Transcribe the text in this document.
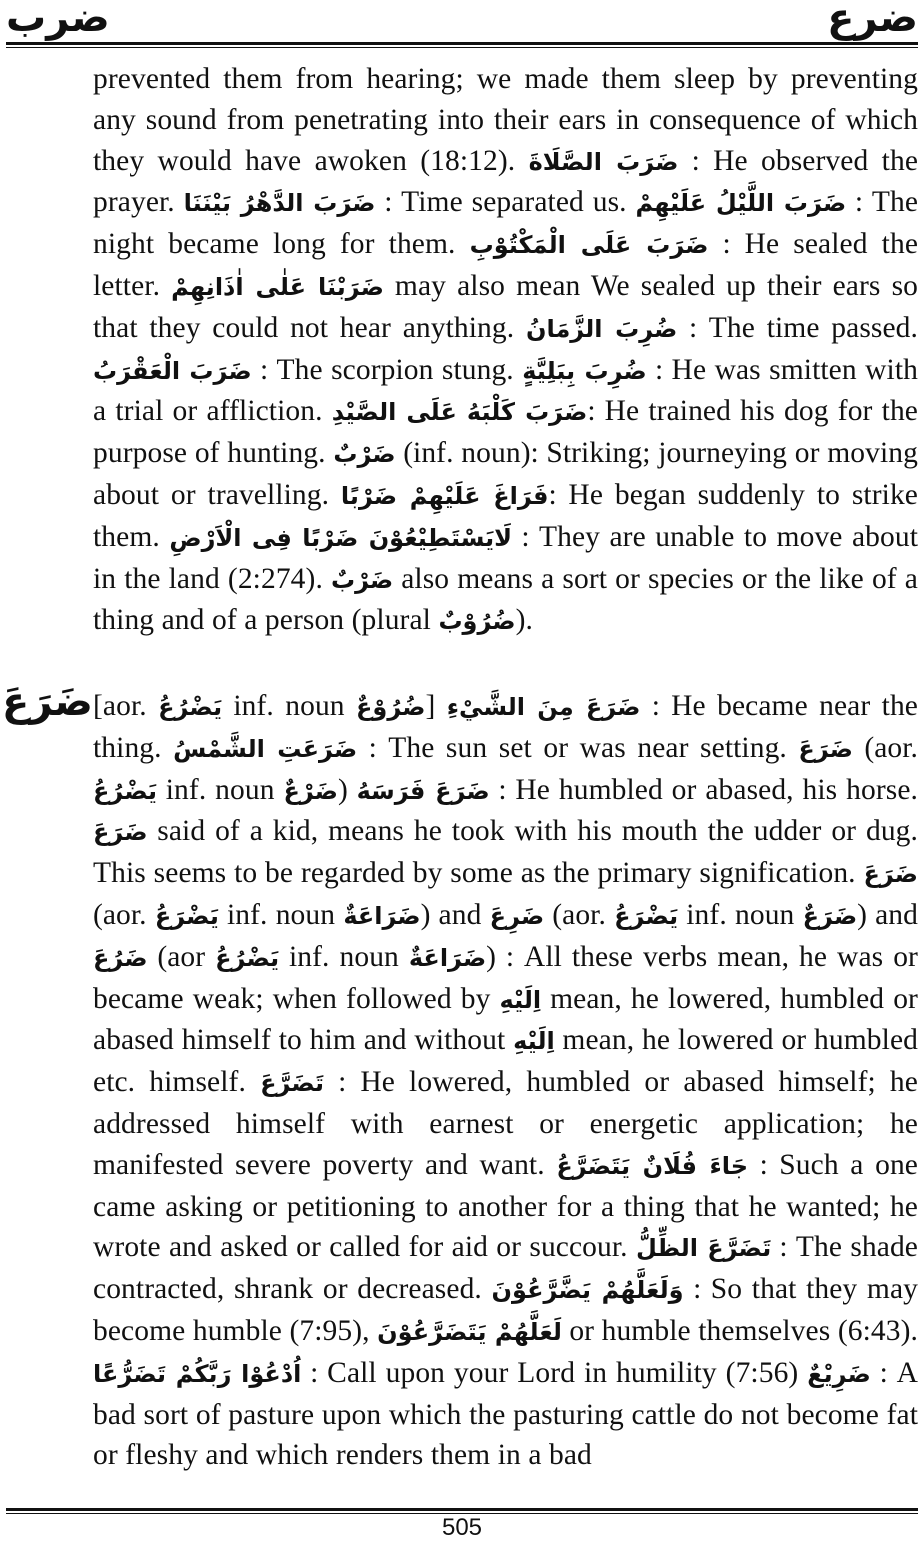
ضرب	ضرع

prevented them from hearing; we made them sleep by preventing any sound from penetrating into their ears in consequence of which they would have awoken (18:12). ضَرَبَ الصَّلَاةَ : He observed the prayer. ضَرَبَ الدَّهْرُ بَيْنَنَا : Time separated us. ضَرَبَ اللَّيْلُ عَلَيْهِمْ : The night became long for them. ضَرَبَ عَلَى الْمَكْتُوْبِ : He sealed the letter. ضَرَبْنَا عَلٰى اٰذَانِهِمْ may also mean We sealed up their ears so that they could not hear anything. ضُرِبَ الزَّمَانُ : The time passed. ضَرَبَ الْعَقْرَبُ : The scorpion stung. ضُرِبَ بِبَلِيَّةٍ : He was smitten with a trial or affliction. ضَرَبَ كَلْبَهُ عَلَى الصَّيْدِ: He trained his dog for the purpose of hunting. ضَرْبٌ (inf. noun): Striking; journeying or moving about or travelling. فَرَاغَ عَلَيْهِمْ ضَرْبًا: He began suddenly to strike them. لَايَسْتَطِيْعُوْنَ ضَرْبًا فِى الْاَرْضِ : They are unable to move about in the land (2:274). ضَرْبٌ also means a sort or species or the like of a thing and of a person (plural ضُرُوْبٌ).

ضَرَعَ [aor. يَضْرُعُ inf. noun ضُرُوْعٌ] ضَرَعَ مِنَ الشَّيْءِ : He became near the thing. ضَرَعَتِ الشَّمْسُ : The sun set or was near setting. ضَرَعَ (aor. يَضْرُعُ inf. noun ضَرْعٌ) ضَرَعَ فَرَسَهُ : He humbled or abased, his horse. ضَرَعَ said of a kid, means he took with his mouth the udder or dug. This seems to be regarded by some as the primary signification. ضَرَعَ (aor. يَضْرَعُ inf. noun ضَرَاعَةٌ) and ضَرِعَ (aor. يَضْرَعُ inf. noun ضَرَعٌ) and ضَرُعَ (aor يَضْرُعُ inf. noun ضَرَاعَةٌ) : All these verbs mean, he was or became weak; when followed by اِلَيْهِ mean, he lowered, humbled or abased himself to him and without اِلَيْهِ mean, he lowered or humbled etc. himself. تَضَرَّعَ : He lowered, humbled or abased himself; he addressed himself with earnest or energetic application; he manifested severe poverty and want. جَاءَ فُلَانٌ يَتَضَرَّعُ : Such a one came asking or petitioning to another for a thing that he wanted; he wrote and asked or called for aid or succour. تَضَرَّعَ الظِّلُّ : The shade contracted, shrank or decreased. وَلَعَلَّهُمْ يَضَّرَّعُوْنَ : So that they may become humble (7:95), لَعَلَّهُمْ يَتَضَرَّعُوْنَ or humble themselves (6:43). اُدْعُوْا رَبَّكُمْ تَضَرُّعًا : Call upon your Lord in humility (7:56) ضَرِيْعٌ : A bad sort of pasture upon which the pasturing cattle do not become fat or fleshy and which renders them in a bad

505
